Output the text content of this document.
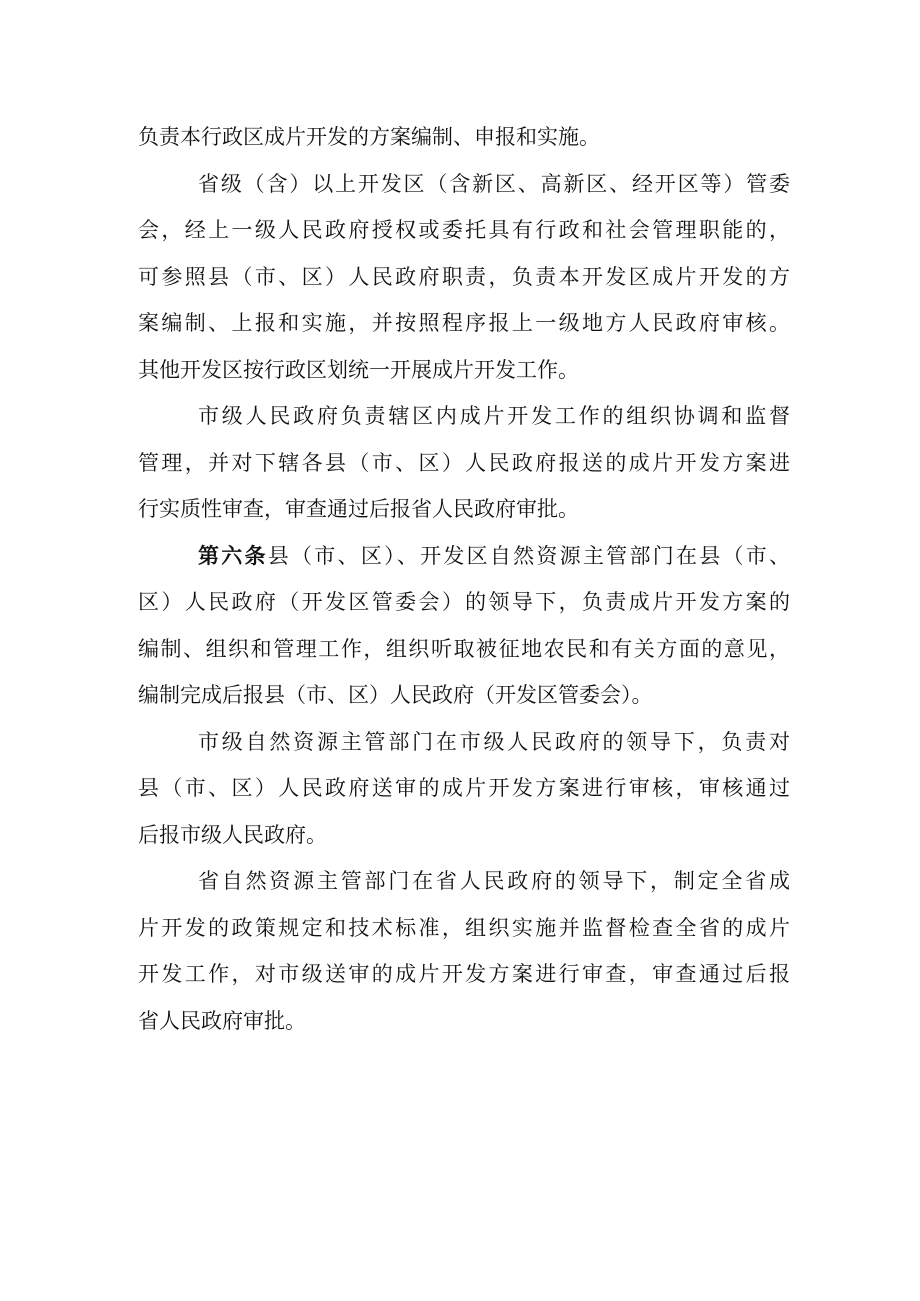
负责本行政区成片开发的方案编制、申报和实施。
省级（含）以上开发区（含新区、高新区、经开区等）管委
会，经上一级人民政府授权或委托具有行政和社会管理职能的，
可参照县（市、区）人民政府职责，负责本开发区成片开发的方
案编制、上报和实施，并按照程序报上一级地方人民政府审核。
其他开发区按行政区划统一开展成片开发工作。
市级人民政府负责辖区内成片开发工作的组织协调和监督
管理，并对下辖各县（市、区）人民政府报送的成片开发方案进
行实质性审查，审查通过后报省人民政府审批。
第六条县（市、区）、开发区自然资源主管部门在县（市、
区）人民政府（开发区管委会）的领导下，负责成片开发方案的
编制、组织和管理工作，组织听取被征地农民和有关方面的意见，
编制完成后报县（市、区）人民政府（开发区管委会）。
市级自然资源主管部门在市级人民政府的领导下，负责对
县（市、区）人民政府送审的成片开发方案进行审核，审核通过
后报市级人民政府。
省自然资源主管部门在省人民政府的领导下，制定全省成
片开发的政策规定和技术标准，组织实施并监督检查全省的成片
开发工作，对市级送审的成片开发方案进行审查，审查通过后报
省人民政府审批。
